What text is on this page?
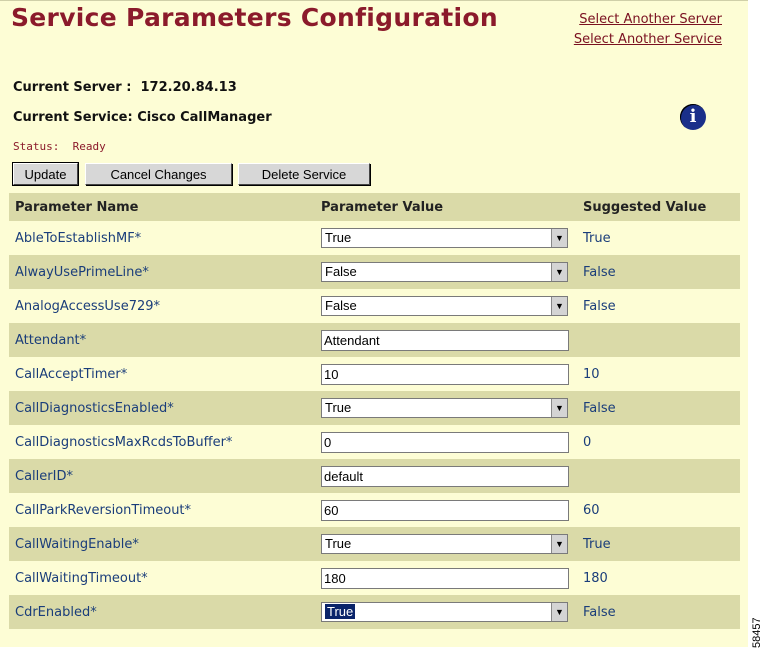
Service Parameters Configuration	Select Another Server
Select Another Service
Current Server : 172.20.84.13
Current Service: Cisco CallManager	i
Status: Ready
Update	Cancel Changes	Delete Service
Parameter Name	Parameter Value	Suggested Value
AbleToEstablishMF*	True ▼	True
AlwayUsePrimeLine*	False ▼	False
AnalogAccessUse729*	False ▼	False
Attendant*	Attendant	

CallAcceptTimer*	10	10
CallDiagnosticsEnabled*	True ▼	False
CallDiagnosticsMaxRcdsToBuffer*	0	0
CallerID*	default	

CallParkReversionTimeout*	60	60
CallWaitingEnable*	True ▼	True
CallWaitingTimeout*	180	180
CdrEnabled*	True ▼	False
58457
